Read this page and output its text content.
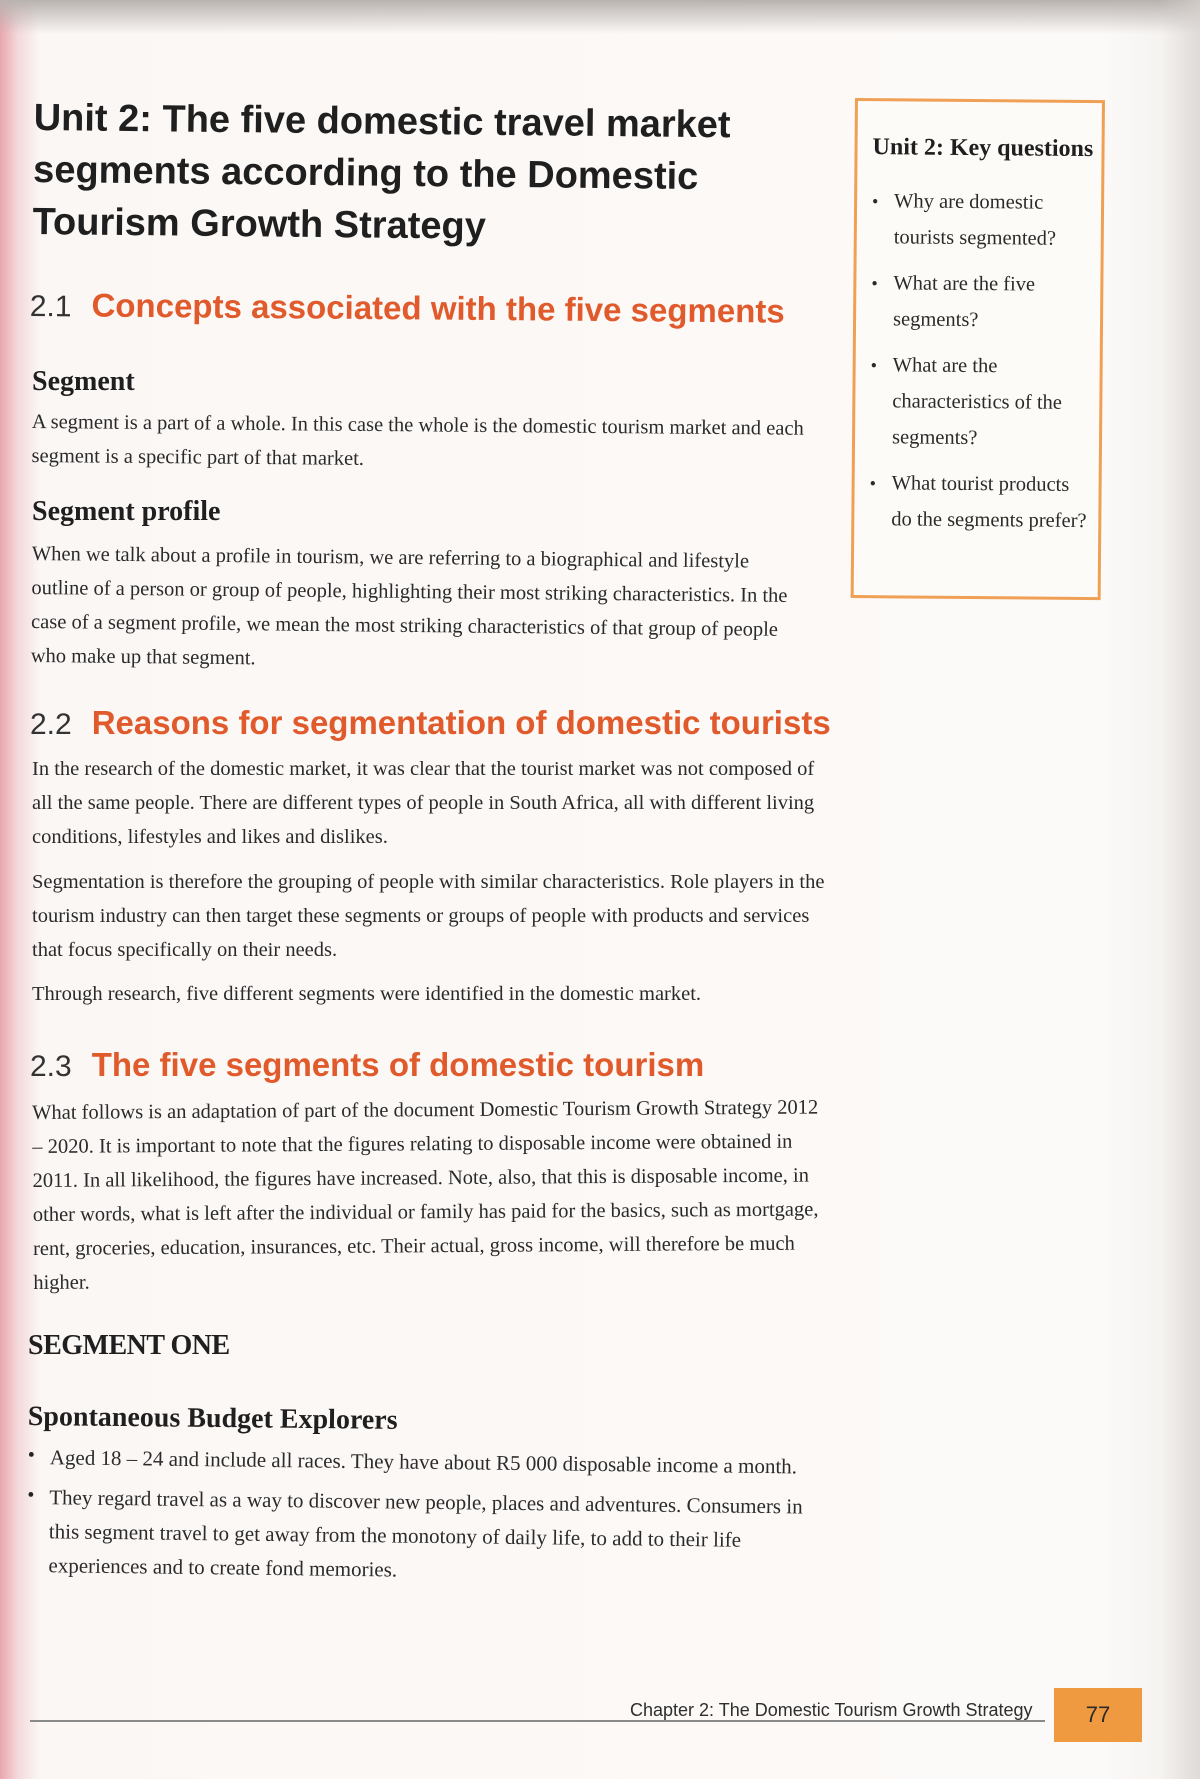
Unit 2: The five domestic travel market segments according to the Domestic Tourism Growth Strategy
2.1 Concepts associated with the five segments
Segment

A segment is a part of a whole. In this case the whole is the domestic tourism market and each segment is a specific part of that market.

Segment profile

When we talk about a profile in tourism, we are referring to a biographical and lifestyle outline of a person or group of people, highlighting their most striking characteristics. In the case of a segment profile, we mean the most striking characteristics of that group of people who make up that segment.

2.2 Reasons for segmentation of domestic tourists

In the research of the domestic market, it was clear that the tourist market was not composed of all the same people. There are different types of people in South Africa, all with different living conditions, lifestyles and likes and dislikes.

Segmentation is therefore the grouping of people with similar characteristics. Role players in the tourism industry can then target these segments or groups of people with products and services that focus specifically on their needs.

Through research, five different segments were identified in the domestic market.

2.3 The five segments of domestic tourism

What follows is an adaptation of part of the document Domestic Tourism Growth Strategy 2012 – 2020. It is important to note that the figures relating to disposable income were obtained in 2011. In all likelihood, the figures have increased. Note, also, that this is disposable income, in other words, what is left after the individual or family has paid for the basics, such as mortgage, rent, groceries, education, insurances, etc. Their actual, gross income, will therefore be much higher.

SEGMENT ONE
Spontaneous Budget Explorers
• Aged 18 – 24 and include all races. They have about R5 000 disposable income a month.
• They regard travel as a way to discover new people, places and adventures. Consumers in this segment travel to get away from the monotony of daily life, to add to their life experiences and to create fond memories.
Unit 2: Key questions
• Why are domestic tourists segmented?
• What are the five segments?
• What are the characteristics of the segments?
• What tourist products do the segments prefer?
Chapter 2: The Domestic Tourism Growth Strategy	77
